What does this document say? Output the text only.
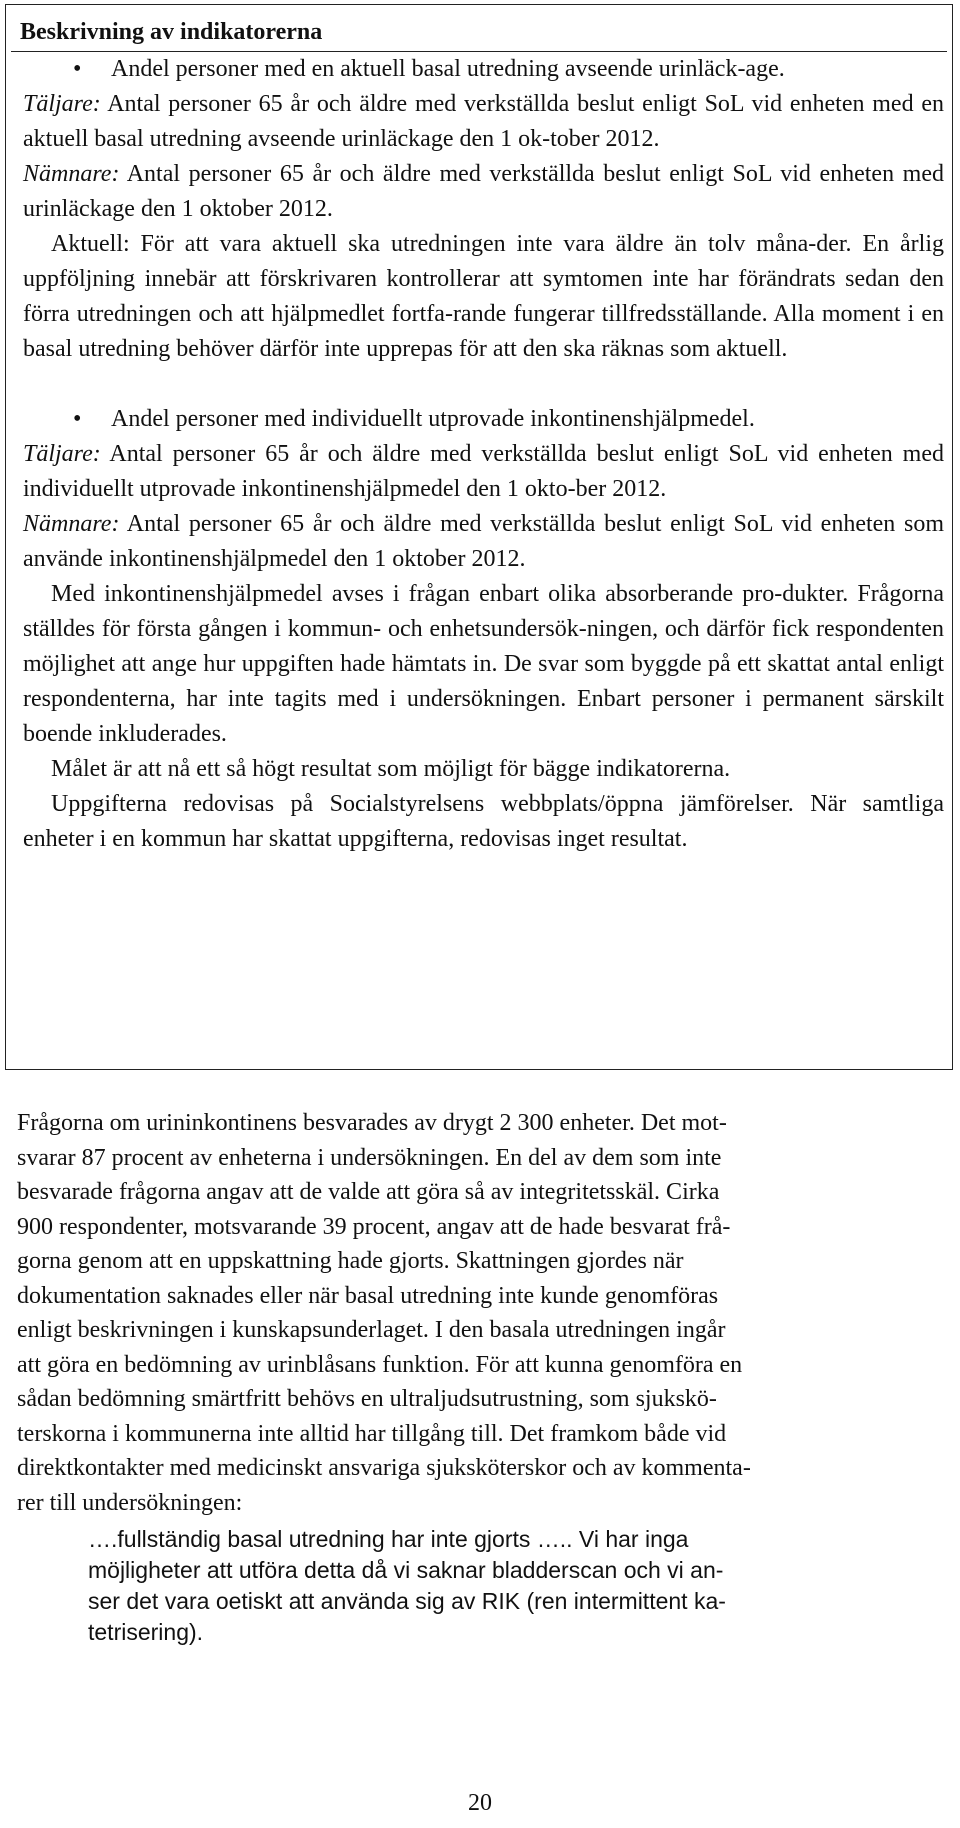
Beskrivning av indikatorerna
• Andel personer med en aktuell basal utredning avseende urinläck-age.

Täljare: Antal personer 65 år och äldre med verkställda beslut enligt SoL vid enheten med en aktuell basal utredning avseende urinläckage den 1 ok-tober 2012.

Nämnare: Antal personer 65 år och äldre med verkställda beslut enligt SoL vid enheten med urinläckage den 1 oktober 2012.

Aktuell: För att vara aktuell ska utredningen inte vara äldre än tolv måna-der. En årlig uppföljning innebär att förskrivaren kontrollerar att symtomen inte har förändrats sedan den förra utredningen och att hjälpmedlet fortfa-rande fungerar tillfredsställande. Alla moment i en basal utredning behöver därför inte upprepas för att den ska räknas som aktuell.

• Andel personer med individuellt utprovade inkontinenshjälpmedel.

Täljare: Antal personer 65 år och äldre med verkställda beslut enligt SoL vid enheten med individuellt utprovade inkontinenshjälpmedel den 1 okto-ber 2012.

Nämnare: Antal personer 65 år och äldre med verkställda beslut enligt SoL vid enheten som använde inkontinenshjälpmedel den 1 oktober 2012.

Med inkontinenshjälpmedel avses i frågan enbart olika absorberande pro-dukter. Frågorna ställdes för första gången i kommun- och enhetsundersök-ningen, och därför fick respondenten möjlighet att ange hur uppgiften hade hämtats in. De svar som byggde på ett skattat antal enligt respondenterna, har inte tagits med i undersökningen. Enbart personer i permanent särskilt boende inkluderades.

Målet är att nå ett så högt resultat som möjligt för bägge indikatorerna.

Uppgifterna redovisas på Socialstyrelsens webbplats/öppna jämförelser. När samtliga enheter i en kommun har skattat uppgifterna, redovisas inget resultat.

Frågorna om urininkontinens besvarades av drygt 2 300 enheter. Det mot-
svarar 87 procent av enheterna i undersökningen. En del av dem som inte
besvarade frågorna angav att de valde att göra så av integritetsskäl. Cirka
900 respondenter, motsvarande 39 procent, angav att de hade besvarat frå-
gorna genom att en uppskattning hade gjorts. Skattningen gjordes när
dokumentation saknades eller när basal utredning inte kunde genomföras
enligt beskrivningen i kunskapsunderlaget. I den basala utredningen ingår
att göra en bedömning av urinblåsans funktion. För att kunna genomföra en
sådan bedömning smärtfritt behövs en ultraljudsutrustning, som sjukskö-
terskorna i kommunerna inte alltid har tillgång till. Det framkom både vid
direktkontakter med medicinskt ansvariga sjuksköterskor och av kommenta-
rer till undersökningen:
….fullständig basal utredning har inte gjorts ….. Vi har inga
möjligheter att utföra detta då vi saknar bladderscan och vi an-
ser det vara oetiskt att använda sig av RIK (ren intermittent ka-
tetrisering).
20
